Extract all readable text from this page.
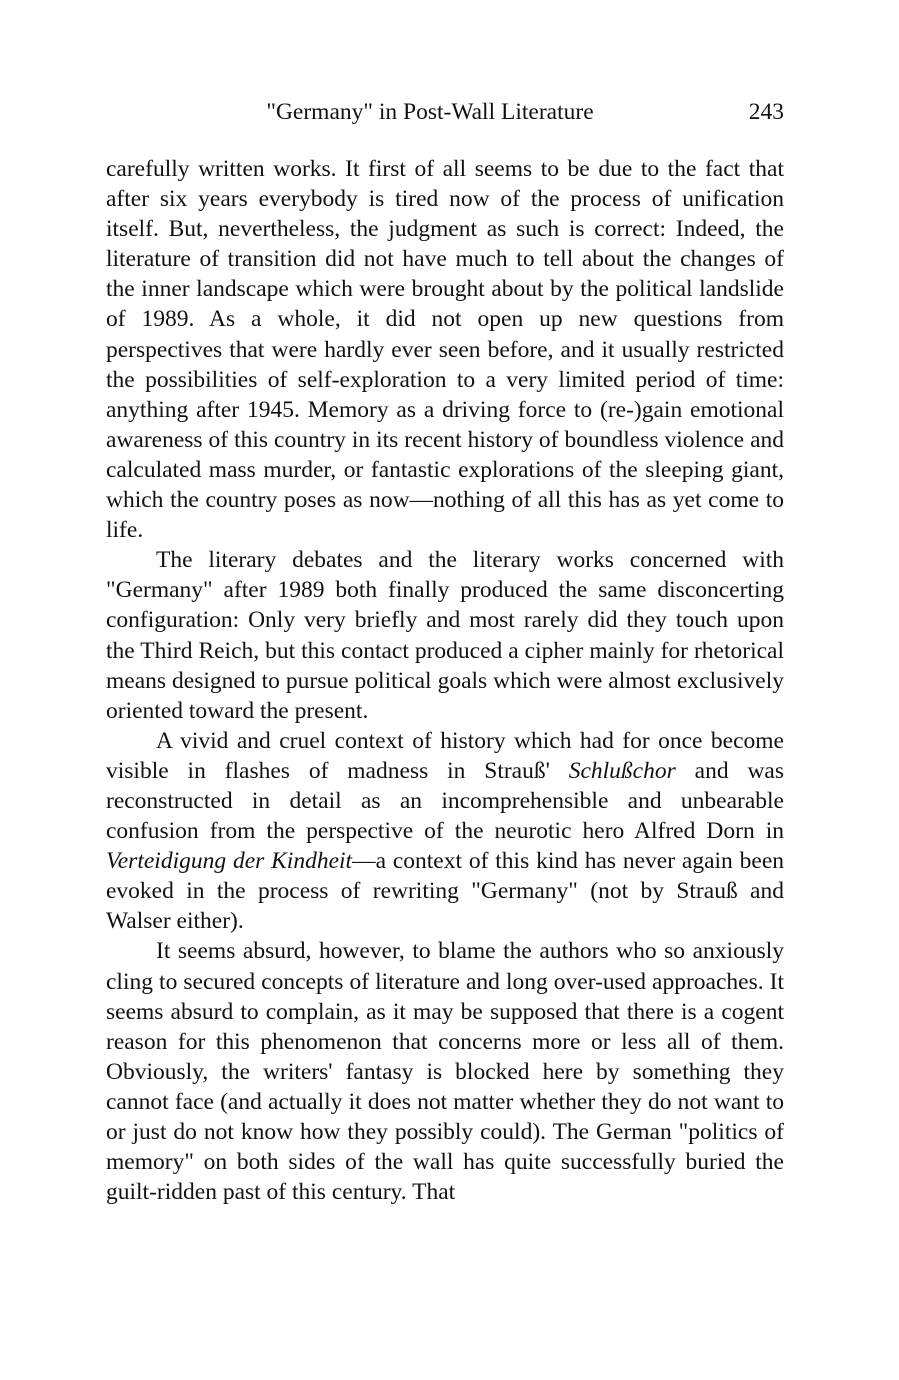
"Germany" in Post-Wall Literature	243

carefully written works. It first of all seems to be due to the fact that after six years everybody is tired now of the process of unification itself. But, nevertheless, the judgment as such is correct: Indeed, the literature of transition did not have much to tell about the changes of the inner landscape which were brought about by the political landslide of 1989. As a whole, it did not open up new questions from perspectives that were hardly ever seen before, and it usually restricted the possibilities of self-exploration to a very limited period of time: anything after 1945. Memory as a driving force to (re-)gain emotional awareness of this country in its recent history of boundless violence and calculated mass murder, or fantastic explorations of the sleeping giant, which the country poses as now—nothing of all this has as yet come to life.

The literary debates and the literary works concerned with "Germany" after 1989 both finally produced the same disconcerting configuration: Only very briefly and most rarely did they touch upon the Third Reich, but this contact produced a cipher mainly for rhetorical means designed to pursue political goals which were almost exclusively oriented toward the present.

A vivid and cruel context of history which had for once become visible in flashes of madness in Strauß' Schlußchor and was reconstructed in detail as an incomprehensible and unbearable confusion from the perspective of the neurotic hero Alfred Dorn in Verteidigung der Kindheit—a context of this kind has never again been evoked in the process of rewriting "Germany" (not by Strauß and Walser either).

It seems absurd, however, to blame the authors who so anxiously cling to secured concepts of literature and long over-used approaches. It seems absurd to complain, as it may be supposed that there is a cogent reason for this phenomenon that concerns more or less all of them. Obviously, the writers' fantasy is blocked here by something they cannot face (and actually it does not matter whether they do not want to or just do not know how they possibly could). The German "politics of memory" on both sides of the wall has quite successfully buried the guilt-ridden past of this century. That
